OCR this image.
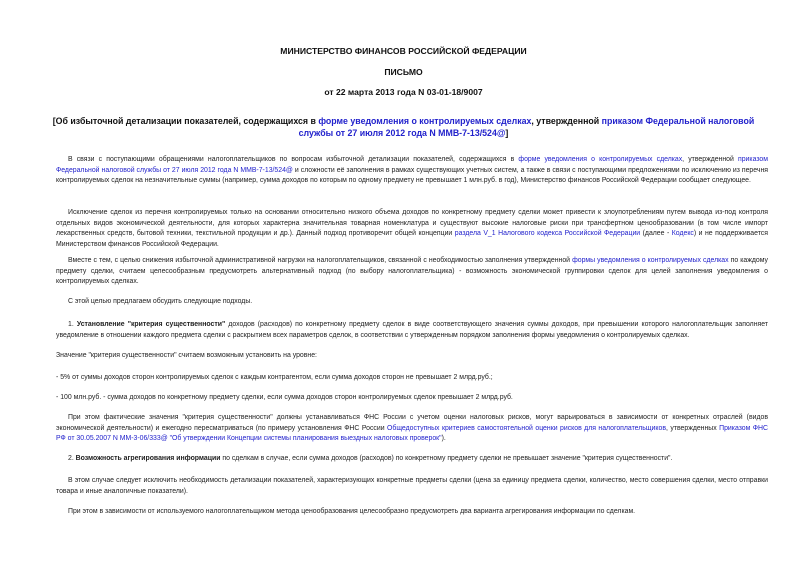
МИНИСТЕРСТВО ФИНАНСОВ РОССИЙСКОЙ ФЕДЕРАЦИИ
ПИСЬМО
от 22 марта 2013 года N 03-01-18/9007
[Об избыточной детализации показателей, содержащихся в форме уведомления о контролируемых сделках, утвержденной приказом Федеральной налоговой службы от 27 июля 2012 года N ММВ-7-13/524@]
В связи с поступающими обращениями налогоплательщиков по вопросам избыточной детализации показателей, содержащихся в форме уведомления о контролируемых сделках, утвержденной приказом Федеральной налоговой службы от 27 июля 2012 года N ММВ-7-13/524@ и сложности её заполнения в рамках существующих учетных систем, а также в связи с поступающими предложениями по исключению из перечня контролируемых сделок на незначительные суммы (например, сумма доходов по которым по одному предмету не превышает 1 млн.руб. в год), Министерство финансов Российской Федерации сообщает следующее.
Исключение сделок из перечня контролируемых только на основании относительно низкого объема доходов по конкретному предмету сделки может привести к злоупотреблениям путем вывода из-под контроля отдельных видов экономической деятельности, для которых характерна значительная товарная номенклатура и существуют высокие налоговые риски при трансфертном ценообразовании (в том числе импорт лекарственных средств, бытовой техники, текстильной продукции и др.). Данный подход противоречит общей концепции раздела V_1 Налогового кодекса Российской Федерации (далее - Кодекс) и не поддерживается Министерством финансов Российской Федерации.
Вместе с тем, с целью снижения избыточной административной нагрузки на налогоплательщиков, связанной с необходимостью заполнения утвержденной формы уведомления о контролируемых сделках по каждому предмету сделки, считаем целесообразным предусмотреть альтернативный подход (по выбору налогоплательщика) - возможность экономической группировки сделок для целей заполнения уведомления о контролируемых сделках.
С этой целью предлагаем обсудить следующие подходы.
1. Установление "критерия существенности" доходов (расходов) по конкретному предмету сделок в виде соответствующего значения суммы доходов, при превышении которого налогоплательщик заполняет уведомление в отношении каждого предмета сделки с раскрытием всех параметров сделок, в соответствии с утвержденным порядком заполнения формы уведомления о контролируемых сделках.
Значение "критерия существенности" считаем возможным установить на уровне:
- 5% от суммы доходов сторон контролируемых сделок с каждым контрагентом, если сумма доходов сторон не превышает 2 млрд.руб.;
- 100 млн.руб. - сумма доходов по конкретному предмету сделки, если сумма доходов сторон контролируемых сделок превышает 2 млрд.руб.
При этом фактические значения "критерия существенности" должны устанавливаться ФНС России с учетом оценки налоговых рисков, могут варьироваться в зависимости от конкретных отраслей (видов экономической деятельности) и ежегодно пересматриваться (по примеру установления ФНС России Общедоступных критериев самостоятельной оценки рисков для налогоплательщиков, утвержденных Приказом ФНС РФ от 30.05.2007 N ММ-3-06/333@ "Об утверждении Концепции системы планирования выездных налоговых проверок").
2. Возможность агрегирования информации по сделкам в случае, если сумма доходов (расходов) по конкретному предмету сделки не превышает значение "критерия существенности".
В этом случае следует исключить необходимость детализации показателей, характеризующих конкретные предметы сделки (цена за единицу предмета сделки, количество, место совершения сделки, место отправки товара и иные аналогичные показатели).
При этом в зависимости от используемого налогоплательщиком метода ценообразования целесообразно предусмотреть два варианта агрегирования информации по сделкам.
